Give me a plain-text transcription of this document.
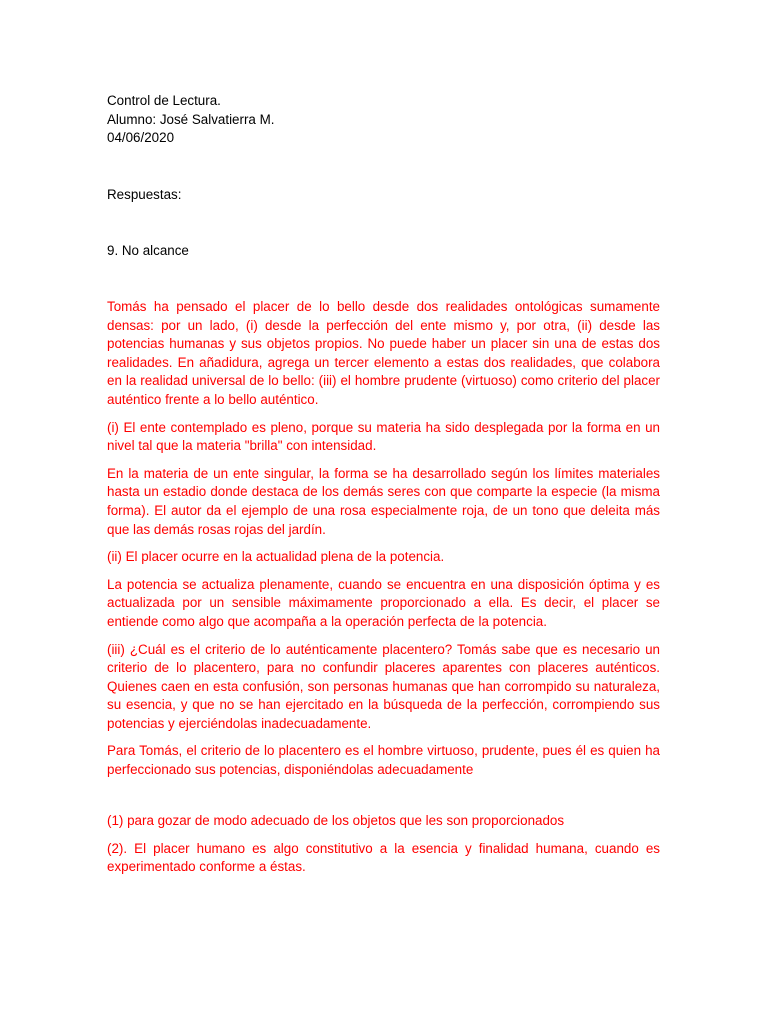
Control de Lectura.

Alumno: José Salvatierra M.

04/06/2020

Respuestas:

9. No alcance

Tomás ha pensado el placer de lo bello desde dos realidades ontológicas sumamente densas: por un lado, (i) desde la perfección del ente mismo y, por otra, (ii) desde las potencias humanas y sus objetos propios. No puede haber un placer sin una de estas dos realidades. En añadidura, agrega un tercer elemento a estas dos realidades, que colabora en la realidad universal de lo bello: (iii) el hombre prudente (virtuoso) como criterio del placer auténtico frente a lo bello auténtico.

(i) El ente contemplado es pleno, porque su materia ha sido desplegada por la forma en un nivel tal que la materia "brilla" con intensidad.

En la materia de un ente singular, la forma se ha desarrollado según los límites materiales hasta un estadio donde destaca de los demás seres con que comparte la especie (la misma forma). El autor da el ejemplo de una rosa especialmente roja, de un tono que deleita más que las demás rosas rojas del jardín.

(ii) El placer ocurre en la actualidad plena de la potencia.

La potencia se actualiza plenamente, cuando se encuentra en una disposición óptima y es actualizada por un sensible máximamente proporcionado a ella. Es decir, el placer se entiende como algo que acompaña a la operación perfecta de la potencia.

(iii) ¿Cuál es el criterio de lo auténticamente placentero? Tomás sabe que es necesario un criterio de lo placentero, para no confundir placeres aparentes con placeres auténticos. Quienes caen en esta confusión, son personas humanas que han corrompido su naturaleza, su esencia, y que no se han ejercitado en la búsqueda de la perfección, corrompiendo sus potencias y ejerciéndolas inadecuadamente.

Para Tomás, el criterio de lo placentero es el hombre virtuoso, prudente, pues él es quien ha perfeccionado sus potencias, disponiéndolas adecuadamente

(1) para gozar de modo adecuado de los objetos que les son proporcionados

(2). El placer humano es algo constitutivo a la esencia y finalidad humana, cuando es experimentado conforme a éstas.
